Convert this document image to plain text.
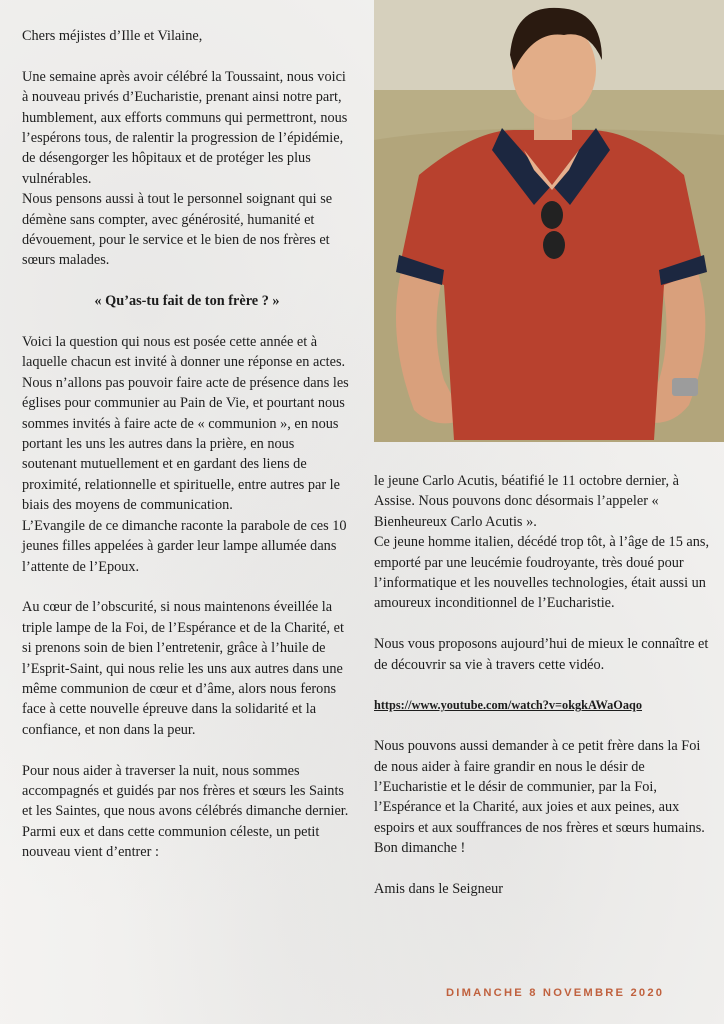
Chers méjistes d’Ille et Vilaine,

Une semaine après avoir célébré la Toussaint, nous voici à nouveau privés d’Eucharistie, prenant ainsi notre part, humblement, aux efforts communs qui permettront, nous l’espérons tous, de ralentir la progression de l’épidémie, de désengorger les hôpitaux et de protéger les plus vulnérables.

Nous pensons aussi à tout le personnel soignant qui se démène sans compter, avec générosité, humanité et dévouement, pour le service et le bien de nos frères et sœurs malades.

« Qu’as-tu fait de ton frère ? »

Voici la question qui nous est posée cette année et à laquelle chacun est invité à donner une réponse en actes.

Nous n’allons pas pouvoir faire acte de présence dans les églises pour communier au Pain de Vie, et pourtant nous sommes invités à faire acte de « communion », en nous portant les uns les autres dans la prière, en nous soutenant mutuellement et en gardant des liens de proximité, relationnelle et spirituelle, entre autres par le biais des moyens de communication.

L’Evangile de ce dimanche raconte la parabole de ces 10 jeunes filles appelées à garder leur lampe allumée dans l’attente de l’Epoux.

Au cœur de l’obscurité, si nous maintenons éveillée la triple lampe de la Foi, de l’Espérance et de la Charité, et si prenons soin de bien l’entretenir, grâce à l’huile de l’Esprit-Saint, qui nous relie les uns aux autres dans une même communion de cœur et d’âme, alors nous ferons face à cette nouvelle épreuve dans la solidarité et la confiance, et non dans la peur.

Pour nous aider à traverser la nuit, nous sommes accompagnés et guidés par nos frères et sœurs les Saints et les Saintes, que nous avons célébrés dimanche dernier.

Parmi eux et dans cette communion céleste, un petit nouveau vient d’entrer :

le jeune Carlo Acutis, béatifié le 11 octobre dernier, à Assise. Nous pouvons donc désormais l’appeler « Bienheureux Carlo Acutis ».

Ce jeune homme italien, décédé trop tôt, à l’âge de 15 ans, emporté par une leucémie foudroyante, très doué pour l’informatique et les nouvelles technologies, était aussi un amoureux inconditionnel de l’Eucharistie.

Nous vous proposons aujourd’hui de mieux le connaître et de découvrir sa vie à travers cette vidéo.

https://www.youtube.com/watch?v=okgkAWaOaqo

Nous pouvons aussi demander à ce petit frère dans la Foi de nous aider à faire grandir en nous le désir de l’Eucharistie et le désir de communier, par la Foi, l’Espérance et la Charité, aux joies et aux peines, aux espoirs et aux souffrances de nos frères et sœurs humains.

Bon dimanche !

Amis dans le Seigneur

DIMANCHE 8 NOVEMBRE 2020
